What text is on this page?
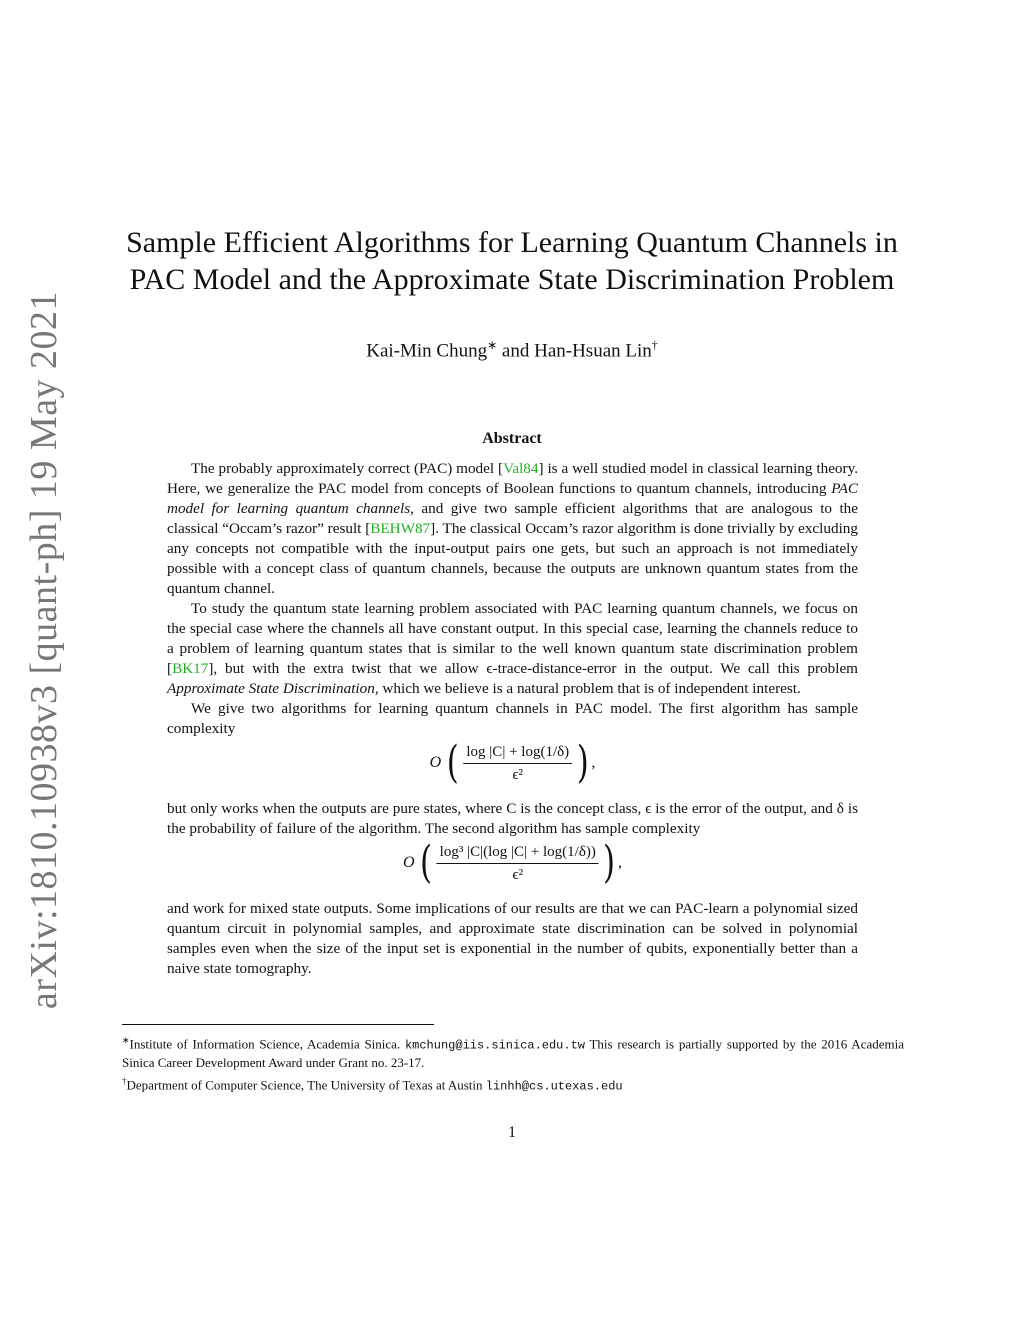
arXiv:1810.10938v3 [quant-ph] 19 May 2021
Sample Efficient Algorithms for Learning Quantum Channels in
PAC Model and the Approximate State Discrimination Problem
Kai-Min Chung∗ and Han-Hsuan Lin†
Abstract

The probably approximately correct (PAC) model [Val84] is a well studied model in classical learning theory. Here, we generalize the PAC model from concepts of Boolean functions to quantum channels, introducing PAC model for learning quantum channels, and give two sample efficient algorithms that are analogous to the classical “Occam’s razor” result [BEHW87]. The classical Occam’s razor algorithm is done trivially by excluding any concepts not compatible with the input-output pairs one gets, but such an approach is not immediately possible with a concept class of quantum channels, because the outputs are unknown quantum states from the quantum channel.

To study the quantum state learning problem associated with PAC learning quantum channels, we focus on the special case where the channels all have constant output. In this special case, learning the channels reduce to a problem of learning quantum states that is similar to the well known quantum state discrimination problem [BK17], but with the extra twist that we allow ϵ-trace-distance-error in the output. We call this problem Approximate State Discrimination, which we believe is a natural problem that is of independent interest.

We give two algorithms for learning quantum channels in PAC model. The first algorithm has sample complexity

O ( $\frac{\log |C| + \log(1/\delta)}{\text{ϵ²}}$ ) ,

but only works when the outputs are pure states, where C is the concept class, ϵ is the error of the output, and δ is the probability of failure of the algorithm. The second algorithm has sample complexity

O ( $\frac{\text{log³ |C|(log |C| + log(1/δ))}}{\text{ϵ²}}$ ) ,

and work for mixed state outputs. Some implications of our results are that we can PAC-learn a polynomial sized quantum circuit in polynomial samples, and approximate state discrimination can be solved in polynomial samples even when the size of the input set is exponential in the number of qubits, exponentially better than a naive state tomography.

∗Institute of Information Science, Academia Sinica. kmchung@iis.sinica.edu.tw This research is partially supported by the 2016 Academia Sinica Career Development Award under Grant no. 23-17.

†Department of Computer Science, The University of Texas at Austin linhh@cs.utexas.edu

1
